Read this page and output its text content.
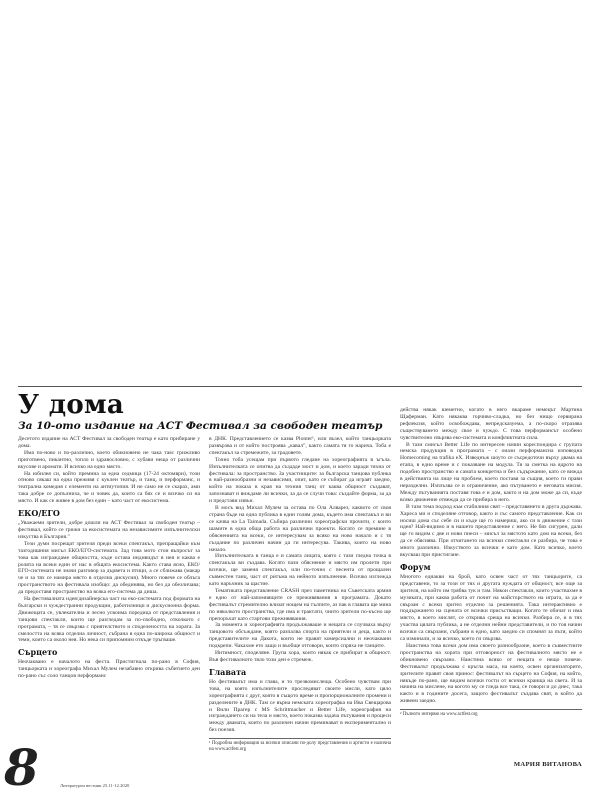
У дома
За 10-ото издание на АСТ Фестивал за свободен театър

Десетото издание на АСТ Фестивал за свободен театър е като прибиране у дома.

Има по-ново и по-различно, което обикновено не чака там: грижливо приготвено, пикантно, топло и здравословно, с хубави неща от различни вкусове и аромати. И всичко на едно място.

На юбилея си, който премина за една седмица (17-24 октомври), този отново сякаш на една преживя с куклен театър, и танц, и перформанс, и театрална комедия с елементи на антиутопия. И не само не се скарах, ами така добре се допълниха, че и човек да, които са бях се и всичко си на място. И как се живее в дом без един – като част от екосистема.

ЕКО/ЕГО

„Уважаеми зрители, добре дошли на АСТ Фестивал за свободен театър – фестивал, който се грижи за екосистемата на независимите изпълнителски изкуства в България."

Тези думи посрещат зрителя преди всеки спектакъл, препращайки към тазгодишния мисъл ЕКО/ЕГО-системата. Зад това мото стои въпросът за това как изграждаме общността, къде остава индивидът в нея и каква е ролята на всеки един от нас в общата екосистема. Както става ясно, ЕКО/ЕГО-системата не значи разговор за дървета и птици, а се сближава (макар че и за тях се намира място в отделна дискусия). Много повече се облъга пространството на фестивала изобщо: да обединява, но без да обезличава; да предоставя пространство на всяка его-система да диша.

На фестивалната идея/дизайнерска част на еко-системата под формата на български и чуждестранни продукции, работилници и дискусионна форма. Движещата се, увлекателна и лесно усвоима поредица от представления и танцови спектакли, които ще разгледам за по-свободно, отколкото с програмата, – тя се свързва с приятелството и споделеността на хората. За смелостта на всяка отделна личност, събрана в една по-широка общност и теми, които са около нея. Но нека си припомним откъде тръгваше.

Сърцето

Неочаквано е началото на феста. Пристигнала по-рано в София, танцьорката и хореографа Михал Мулем незабавно открива събитието ден по-рано със соло танцов перформанс

в ДНК. Представлението се казва Plonter¹, или възел, който танцьорката развързва и от който построява „кавал", както самата тя го нарича. Тоба е спектакъл за стремежите, за градовете.

Точно тоба усещам при първото гледане на хореографията в ъгъла. Изпълнителката се опитва да създаде мост и дом, и което заради тяхна от фестивала: за пространство. За участниците: за българска танцова публика в най-разнообразни и независими, опит, като се събират да играят заедно, който на показа в края на техния танц от каква общност създават, запознават и виждаме ли всички, за да се случи това: създайте форма, за да и представи извън.

В мосъ вид Михал Мулем за остава по Ола Алварез, каквото от своя страна бъде на една публика в един голям дома, където има спектакъл и ви се качва на La Taimada. Събира различни хореографски прочити, с които шамите в една обща работа на различни проекти. Когато се премине в обясненията на всеки, се интересувам за всяко на ново начало и с тя създание по различен начин да ги интересува. Такива, които на ново начало.

Изпълнителката в танца е и самата лицата, която с тази гледна точка в спектакъла ви създава. Когато пази обяснение и място им пролети при всички, ще заменя спектакъл, или по-точно с песента от прощален съвместен танц, част от ритъма на нейното изпълнение. Всичко изглежда като наръчник за щастие.

Тематиката представление CRASH през паметника на Съветската армия е едно от най-запомнящите се преживявания в програмата. Докато фестивалът стремително влизат нощем на тълпите, аз пак в главата ще мина по няколкото пространства, где има и трактати, чиито зрители по-късно ще препоръчат като стартови преживявания.

За момента и хореографията продължаваше и нещата се случваха върху танцовото обсъждане, която разпалва спорта на приятели и деца, както и представителите на Дакота, които не правят комерсиални и неочаквани подкрепи. Чакахме ето защо и въобще отговори, които спряха не танците.

Интимност, споделяне. Група хора, които някак се прибират в общност. Във фестивалното тяло този ден е стремеж.

Главата

Но фестивалът има и глава, и то трезвомислеща. Особено чувствам при това, на която изпълнителите проследяват своите мисли, като цяло хореографията с друг, която в същото време и пропорционалните промени и разделените в ДНК. Там се върна немската хореографка на Ива Свещарова и Вили Прагер с MS Schrittmacher и Better Life, хореография на изграждането си на тела и място, което показва задача пътувания и процеси между двамата, които по различен начин преминават в експериментално и без поезия.

¹ Подробна информация за всички описани по-долу представления и артисти е налична на www.actfest.org

действа някак шеметно, когато в него вкараме немецът Мартина Щаферман. Като някаква горчиво-сладка, но без нищо сервирана рефлексия, който освобождава, непредсказуема, а по-скоро отразява съществуването между свое и чуждо. С това перформансът особено чувствително свързва еко-системата и конфликтната сила.

В тази смисъл Better Life по интересен начин кореспондира с групата немска продукция в програмата – с онази перформансна изповедна Homecoming на trafika eX. Изведнъж шоуто се съсредоточи върху двама на етапа, в едно време и с показване на модула. Тя за сметка на ядрото на подобно пространство и самата конкретна и без съдържание, като се вижда в действията на лице на проблем, което поставя за същия, което ги прави неразделни. Изплъзва се и ограничение, ако пътуването е неговата мисия. Между пътуванията поставя това е и дом, както и на дом може да си, къде всяко движение отвежда да се прибира в него.

В тази тема подход към стабилния свят – представянето в друга държава. Хареса ми и споделяне отговор, както и със самото представление. Как си носиш дома със себе си и къде ще го намериш, ако си в движение с тази идея? Най-видимо и в нашето представление с него. Не бях сигурен, дали ще го видим с две и нови пиеси – мисъл за мястото като дом на всеки, без да се обяснява. При отчитането на всички спектакли се разбира, че това е много различно. Изкуството за всички е като дом. Като всичко, което вкусваш при пристигане.

Форум

Многото еднакви на брой, като освен част от тях танцьорите, са представени, то за този от тях и другата нуждата от общност, все още за зрителя, на който им трябва тук и там. Някои спектакли, които участвахме в музиката, при каква работа от почит на майсторството на играта, за да е свързан с всеки зрител отделно за решенията. Така интерактивно е поддържането на сцената от всички присъстващи. Когато те обичат и има място, в което мислят, се открива среща на всички. Разбира се, и в тях участва цялата публика, а не отделни нейни представители, и по тоя начин всички са свързани, събрани в едно, като заедно си спомнят за пътя, който са изминали, и за всичко, което ги свързва.

Наистина това всеки дом има своето разнообразие, което в съвместните пространства на хората при отговорност на фестивалното място не е обикновено свързано. Наистина всяко от нещата е нещо повече. Фестивалът продължава с кръгла маса, на която, освен организаторите, зрителите правят своя принос: фестивалът на сърцето на София, на който, някъде по-рано, ще видим всички гости от всички краища на света. И за начина на мислене, на когото му се гледа все така, се говори и до днес, така както и в годините досега, защото фестивалът създава свят, в който да живеем заедно.

² Пълното интервю на www.actfest.org

МАРИЯ ВИТАНОВА
8	Литературен вестник 25.11-12.2020
